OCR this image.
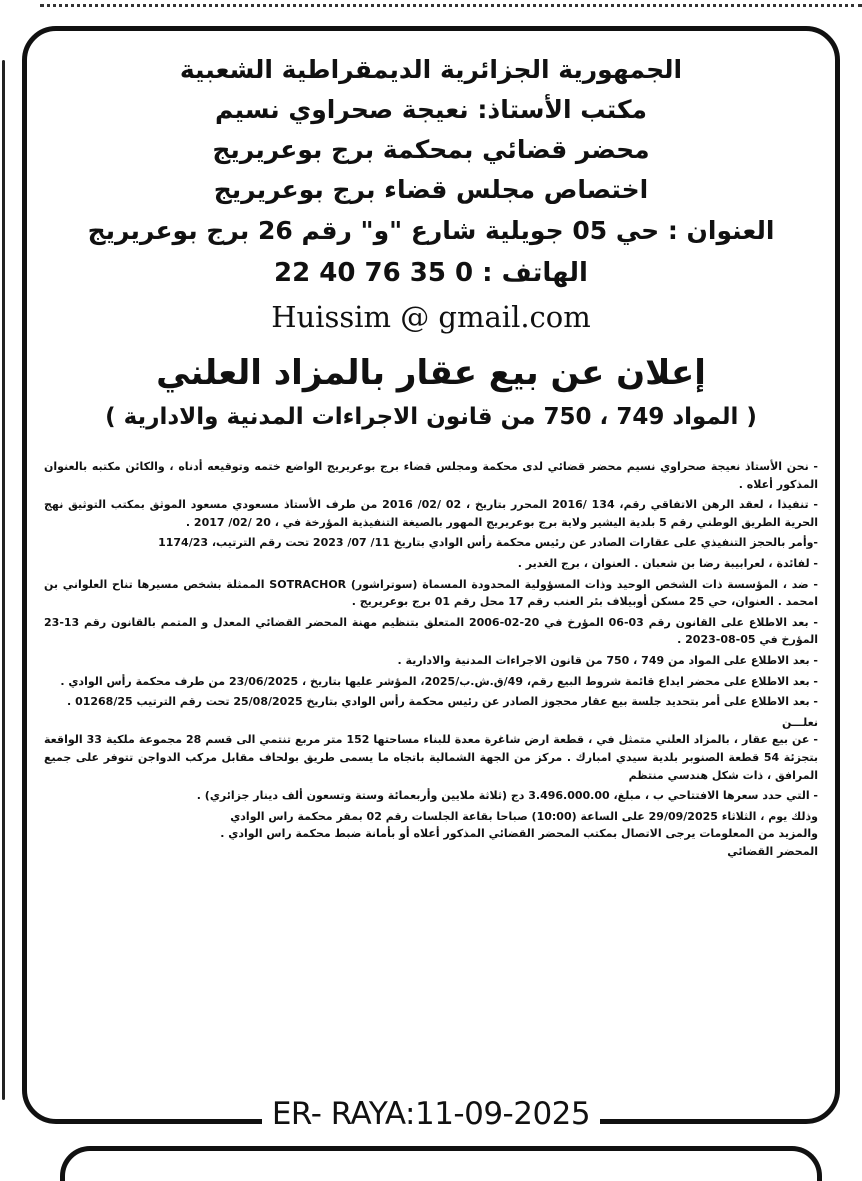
الجمهورية الجزائرية الديمقراطية الشعبية
مكتب الأستاذ: نعيجة صحراوي نسيم
محضر قضائي بمحكمة برج بوعريريج
اختصاص مجلس قضاء برج بوعريريج
العنوان : حي 05 جويلية شارع "و" رقم 26 برج بوعريريج
الهاتف : 0 35 76 40 22
Huissim @ gmail.com
إعلان عن بيع عقار بالمزاد العلني
( المواد 749 ، 750 من قانون الاجراءات المدنية والادارية )

- نحن الأستاذ نعيجة صحراوي نسيم محضر قضائي لدى محكمة ومجلس قضاء برج بوعريريج الواضع ختمه وتوقيعه أدناه ، والكائن مكتبه بالعنوان المذكور أعلاه .

- تنفيذا ، لعقد الرهن الاتفاقي رقم، 134 /2016 المحرر بتاريخ ، 02 /02/ 2016 من طرف الأستاذ مسعودي مسعود الموثق بمكتب التوثيق نهج الحرية الطريق الوطني رقم 5 بلدية اليشير ولاية برج بوعريريج المهور بالصيغة التنفيذية المؤرخة في ، 20 /02/ 2017 .

-وأمر بالحجز التنفيذي على عقارات الصادر عن رئيس محكمة رأس الوادي بتاريخ 11/ 07/ 2023 تحت رقم الترتيب، 1174/23

- لفائدة ، لعرابيبة رضا بن شعبان . العنوان ، برج الغدير .

- ضد ، المؤسسة ذات الشخص الوحيد وذات المسؤولية المحدودة المسماة (سوتراشور) SOTRACHOR الممثلة بشخص مسيرها تناح العلواني بن امحمد . العنوان، حي 25 مسكن أوبيلاف بئر العنب رقم 17 محل رقم 01 برج بوعريريج .

- بعد الاطلاع على القانون رقم 03-06 المؤرخ في 20-02-2006 المتعلق بتنظيم مهنة المحضر القضائي المعدل و المتمم بالقانون رقم 13-23 المؤرخ في 05-08-2023 .

- بعد الاطلاع على المواد من 749 ، 750 من قانون الاجراءات المدنية والادارية .

- بعد الاطلاع على محضر ايداع قائمة شروط البيع رقم، 49/ق.ش.ب/2025، المؤشر عليها بتاريخ ، 23/06/2025 من طرف محكمة رأس الوادي .

- بعد الاطلاع على أمر بتحديد جلسة بيع عقار محجوز الصادر عن رئيس محكمة رأس الوادي بتاريخ 25/08/2025 تحت رقم الترتيب 01268/25 .

نعلـــن

- عن بيع عقار ، بالمزاد العلني متمثل في ، قطعة ارض شاغرة معدة للبناء مساحتها 152 متر مربع تنتمي الى قسم 28 مجموعة ملكية 33 الواقعة بتجزئة 54 قطعة الصنوبر بلدية سيدي امبارك . مركز من الجهة الشمالية باتجاه ما يسمى طريق بولحاف مقابل مركب الدواجن تتوفر على جميع المرافق ، ذات شكل هندسي منتظم

- التي حدد سعرها الافتتاحي ب ، مبلغ، 3.496.000.00 دج (ثلاثة ملايين وأربعمائة وستة وتسعون ألف دينار جزائري) .

وذلك يوم ، الثلاثاء 29/09/2025 على الساعة (10:00) صباحا بقاعة الجلسات رقم 02 بمقر محكمة راس الوادي

والمزيد من المعلومات يرجى الاتصال بمكتب المحضر القضائي المذكور أعلاه أو بأمانة ضبط محكمة راس الوادي .

المحضر القضائي

ER- RAYA:11-09-2025
